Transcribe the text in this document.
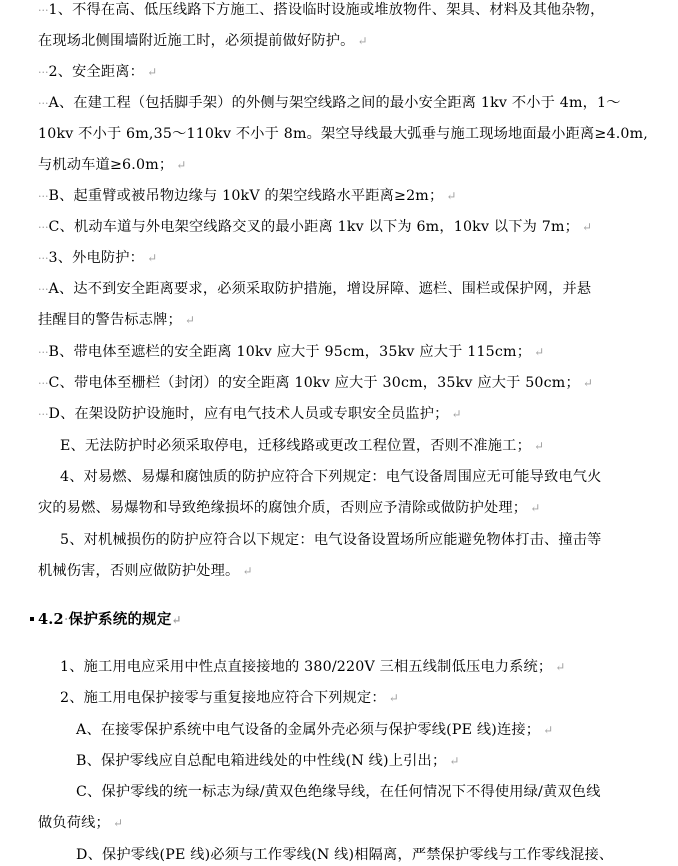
···1、不得在高、低压线路下方施工、搭设临时设施或堆放物件、架具、材料及其他杂物，
在现场北侧围墙附近施工时，必须提前做好防护。 ↵
···2、安全距离： ↵
···A、在建工程（包括脚手架）的外侧与架空线路之间的最小安全距离 1kv 不小于 4m，1～
10kv 不小于 6m,35～110kv 不小于 8m。架空导线最大弧垂与施工现场地面最小距离≥4.0m,
与机动车道≥6.0m； ↵
···B、起重臂或被吊物边缘与 10kV 的架空线路水平距离≥2m； ↵
···C、机动车道与外电架空线路交叉的最小距离 1kv 以下为 6m，10kv 以下为 7m； ↵
···3、外电防护： ↵
···A、达不到安全距离要求，必须采取防护措施，增设屏障、遮栏、围栏或保护网，并悬
挂醒目的警告标志牌； ↵
···B、带电体至遮栏的安全距离 10kv 应大于 95cm，35kv 应大于 115cm； ↵
···C、带电体至栅栏（封闭）的安全距离 10kv 应大于 30cm，35kv 应大于 50cm； ↵
···D、在架设防护设施时，应有电气技术人员或专职安全员监护； ↵
E、无法防护时必须采取停电，迁移线路或更改工程位置，否则不准施工； ↵
4、对易燃、易爆和腐蚀质的防护应符合下列规定：电气设备周围应无可能导致电气火
灾的易燃、易爆物和导致绝缘损坏的腐蚀介质，否则应予清除或做防护处理； ↵
5、对机械损伤的防护应符合以下规定：电气设备设置场所应能避免物体打击、撞击等
机械伤害，否则应做防护处理。 ↵
4.2·保护系统的规定↵
1、施工用电应采用中性点直接接地的 380/220V 三相五线制低压电力系统； ↵
2、施工用电保护接零与重复接地应符合下列规定： ↵
A、在接零保护系统中电气设备的金属外壳必须与保护零线(PE 线)连接； ↵
B、保护零线应自总配电箱进线处的中性线(N 线)上引出； ↵
C、保护零线的统一标志为绿/黄双色绝缘导线，在任何情况下不得使用绿/黄双色线
做负荷线； ↵
D、保护零线(PE 线)必须与工作零线(N 线)相隔离，严禁保护零线与工作零线混接、
